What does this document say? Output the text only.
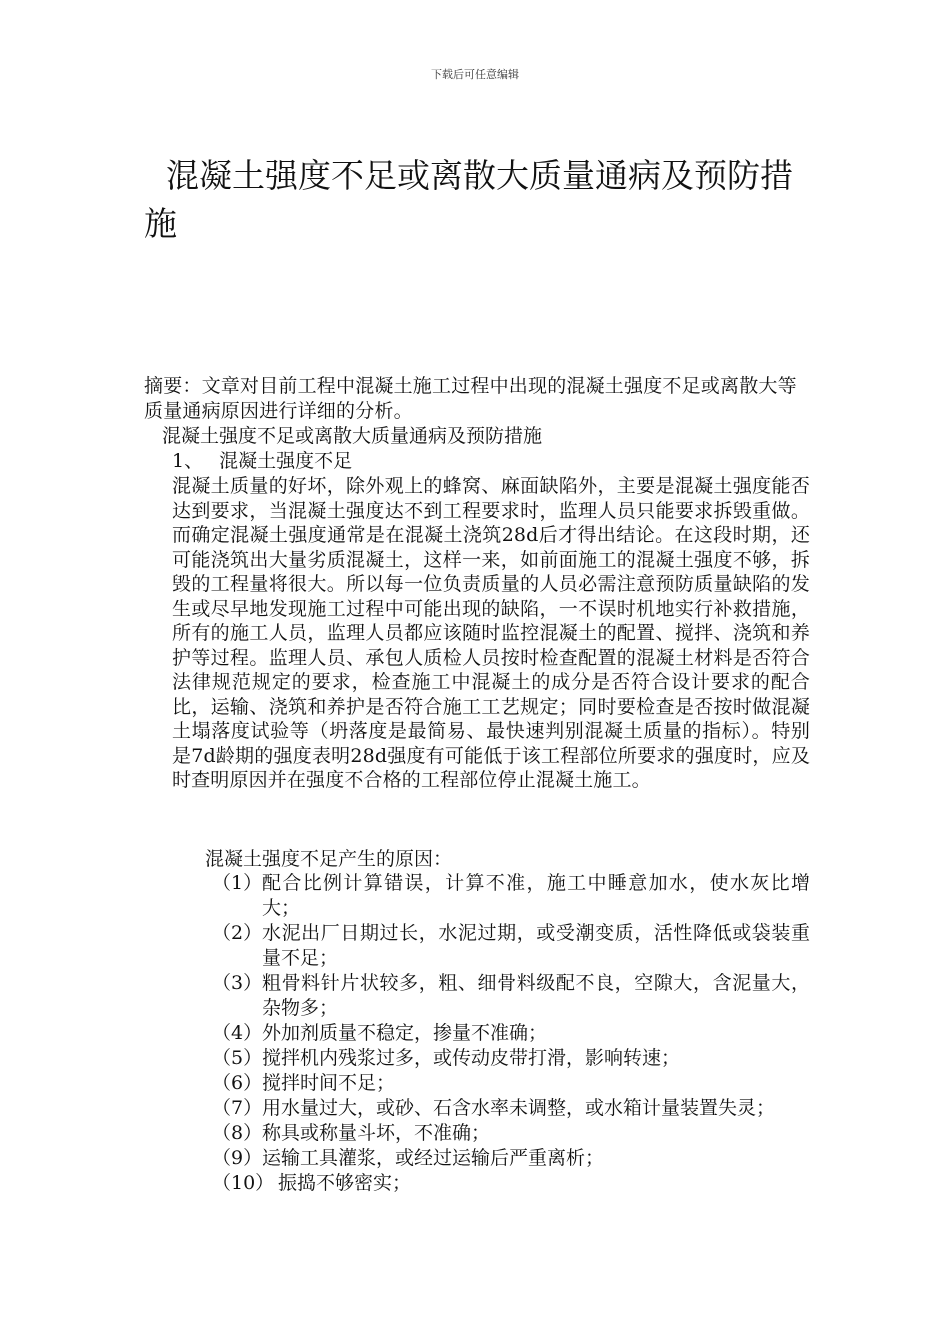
下载后可任意编辑
混凝土强度不足或离散大质量通病及预防措施
摘要：文章对目前工程中混凝土施工过程中出现的混凝土强度不足或离散大等质量通病原因进行详细的分析。
混凝土强度不足或离散大质量通病及预防措施
1、 混凝土强度不足
混凝土质量的好坏，除外观上的蜂窝、麻面缺陷外，主要是混凝土强度能否达到要求，当混凝土强度达不到工程要求时，监理人员只能要求拆毁重做。而确定混凝土强度通常是在混凝土浇筑28d后才得出结论。在这段时期，还可能浇筑出大量劣质混凝土，这样一来，如前面施工的混凝土强度不够，拆毁的工程量将很大。所以每一位负责质量的人员必需注意预防质量缺陷的发生或尽早地发现施工过程中可能出现的缺陷，一不误时机地实行补救措施，所有的施工人员，监理人员都应该随时监控混凝土的配置、搅拌、浇筑和养护等过程。监理人员、承包人质检人员按时检查配置的混凝土材料是否符合法律规范规定的要求，检查施工中混凝土的成分是否符合设计要求的配合比，运输、浇筑和养护是否符合施工工艺规定；同时要检查是否按时做混凝土塌落度试验等（坍落度是最简易、最快速判别混凝土质量的指标）。特别是7d龄期的强度表明28d强度有可能低于该工程部位所要求的强度时，应及时查明原因并在强度不合格的工程部位停止混凝土施工。
混凝土强度不足产生的原因：
（1） 配合比例计算错误，计算不准，施工中睡意加水，使水灰比增大；
（2） 水泥出厂日期过长，水泥过期，或受潮变质，活性降低或袋装重量不足；
（3） 粗骨料针片状较多，粗、细骨料级配不良，空隙大，含泥量大，杂物多；
（4） 外加剂质量不稳定，掺量不准确；
（5） 搅拌机内残浆过多，或传动皮带打滑，影响转速；
（6） 搅拌时间不足；
（7） 用水量过大，或砂、石含水率未调整，或水箱计量装置失灵；
（8） 称具或称量斗坏，不准确；
（9） 运输工具灌浆，或经过运输后严重离析；
（10） 振捣不够密实；
